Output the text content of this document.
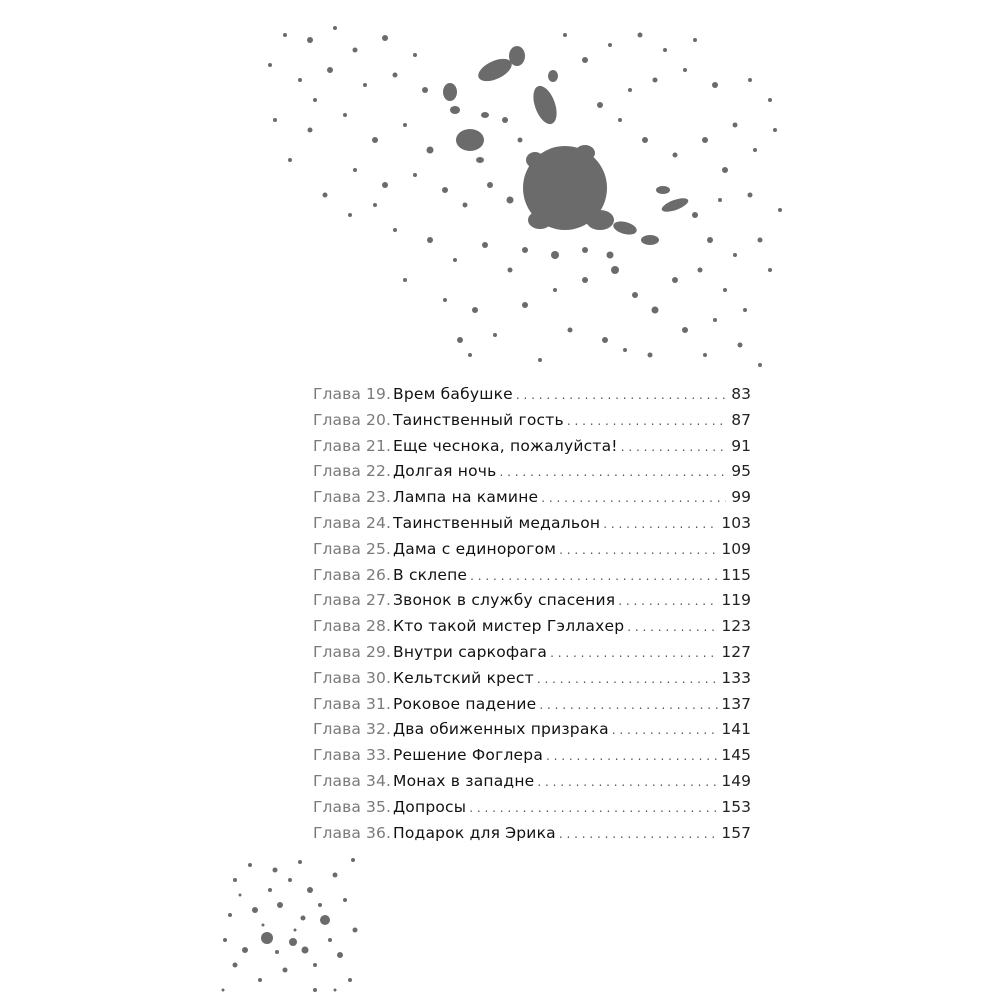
Глава 19. Врем бабушке . . .	83
Глава 20. Таинственный гость . . .	87
Глава 21. Еще чеснока, пожалуйста! . . .	91
Глава 22. Долгая ночь . . .	95
Глава 23. Лампа на камине . . .	99
Глава 24. Таинственный медальон . . .	103
Глава 25. Дама с единорогом . . .	109
Глава 26. В склепе . . .	115
Глава 27. Звонок в службу спасения . . .	119
Глава 28. Кто такой мистер Гэллахер . . .	123
Глава 29. Внутри саркофага . . .	127
Глава 30. Кельтский крест . . .	133
Глава 31. Роковое падение . . .	137
Глава 32. Два обиженных призрака . . .	141
Глава 33. Решение Фоглера . . .	145
Глава 34. Монах в западне . . .	149
Глава 35. Допросы . . .	153
Глава 36. Подарок для Эрика . . .	157
